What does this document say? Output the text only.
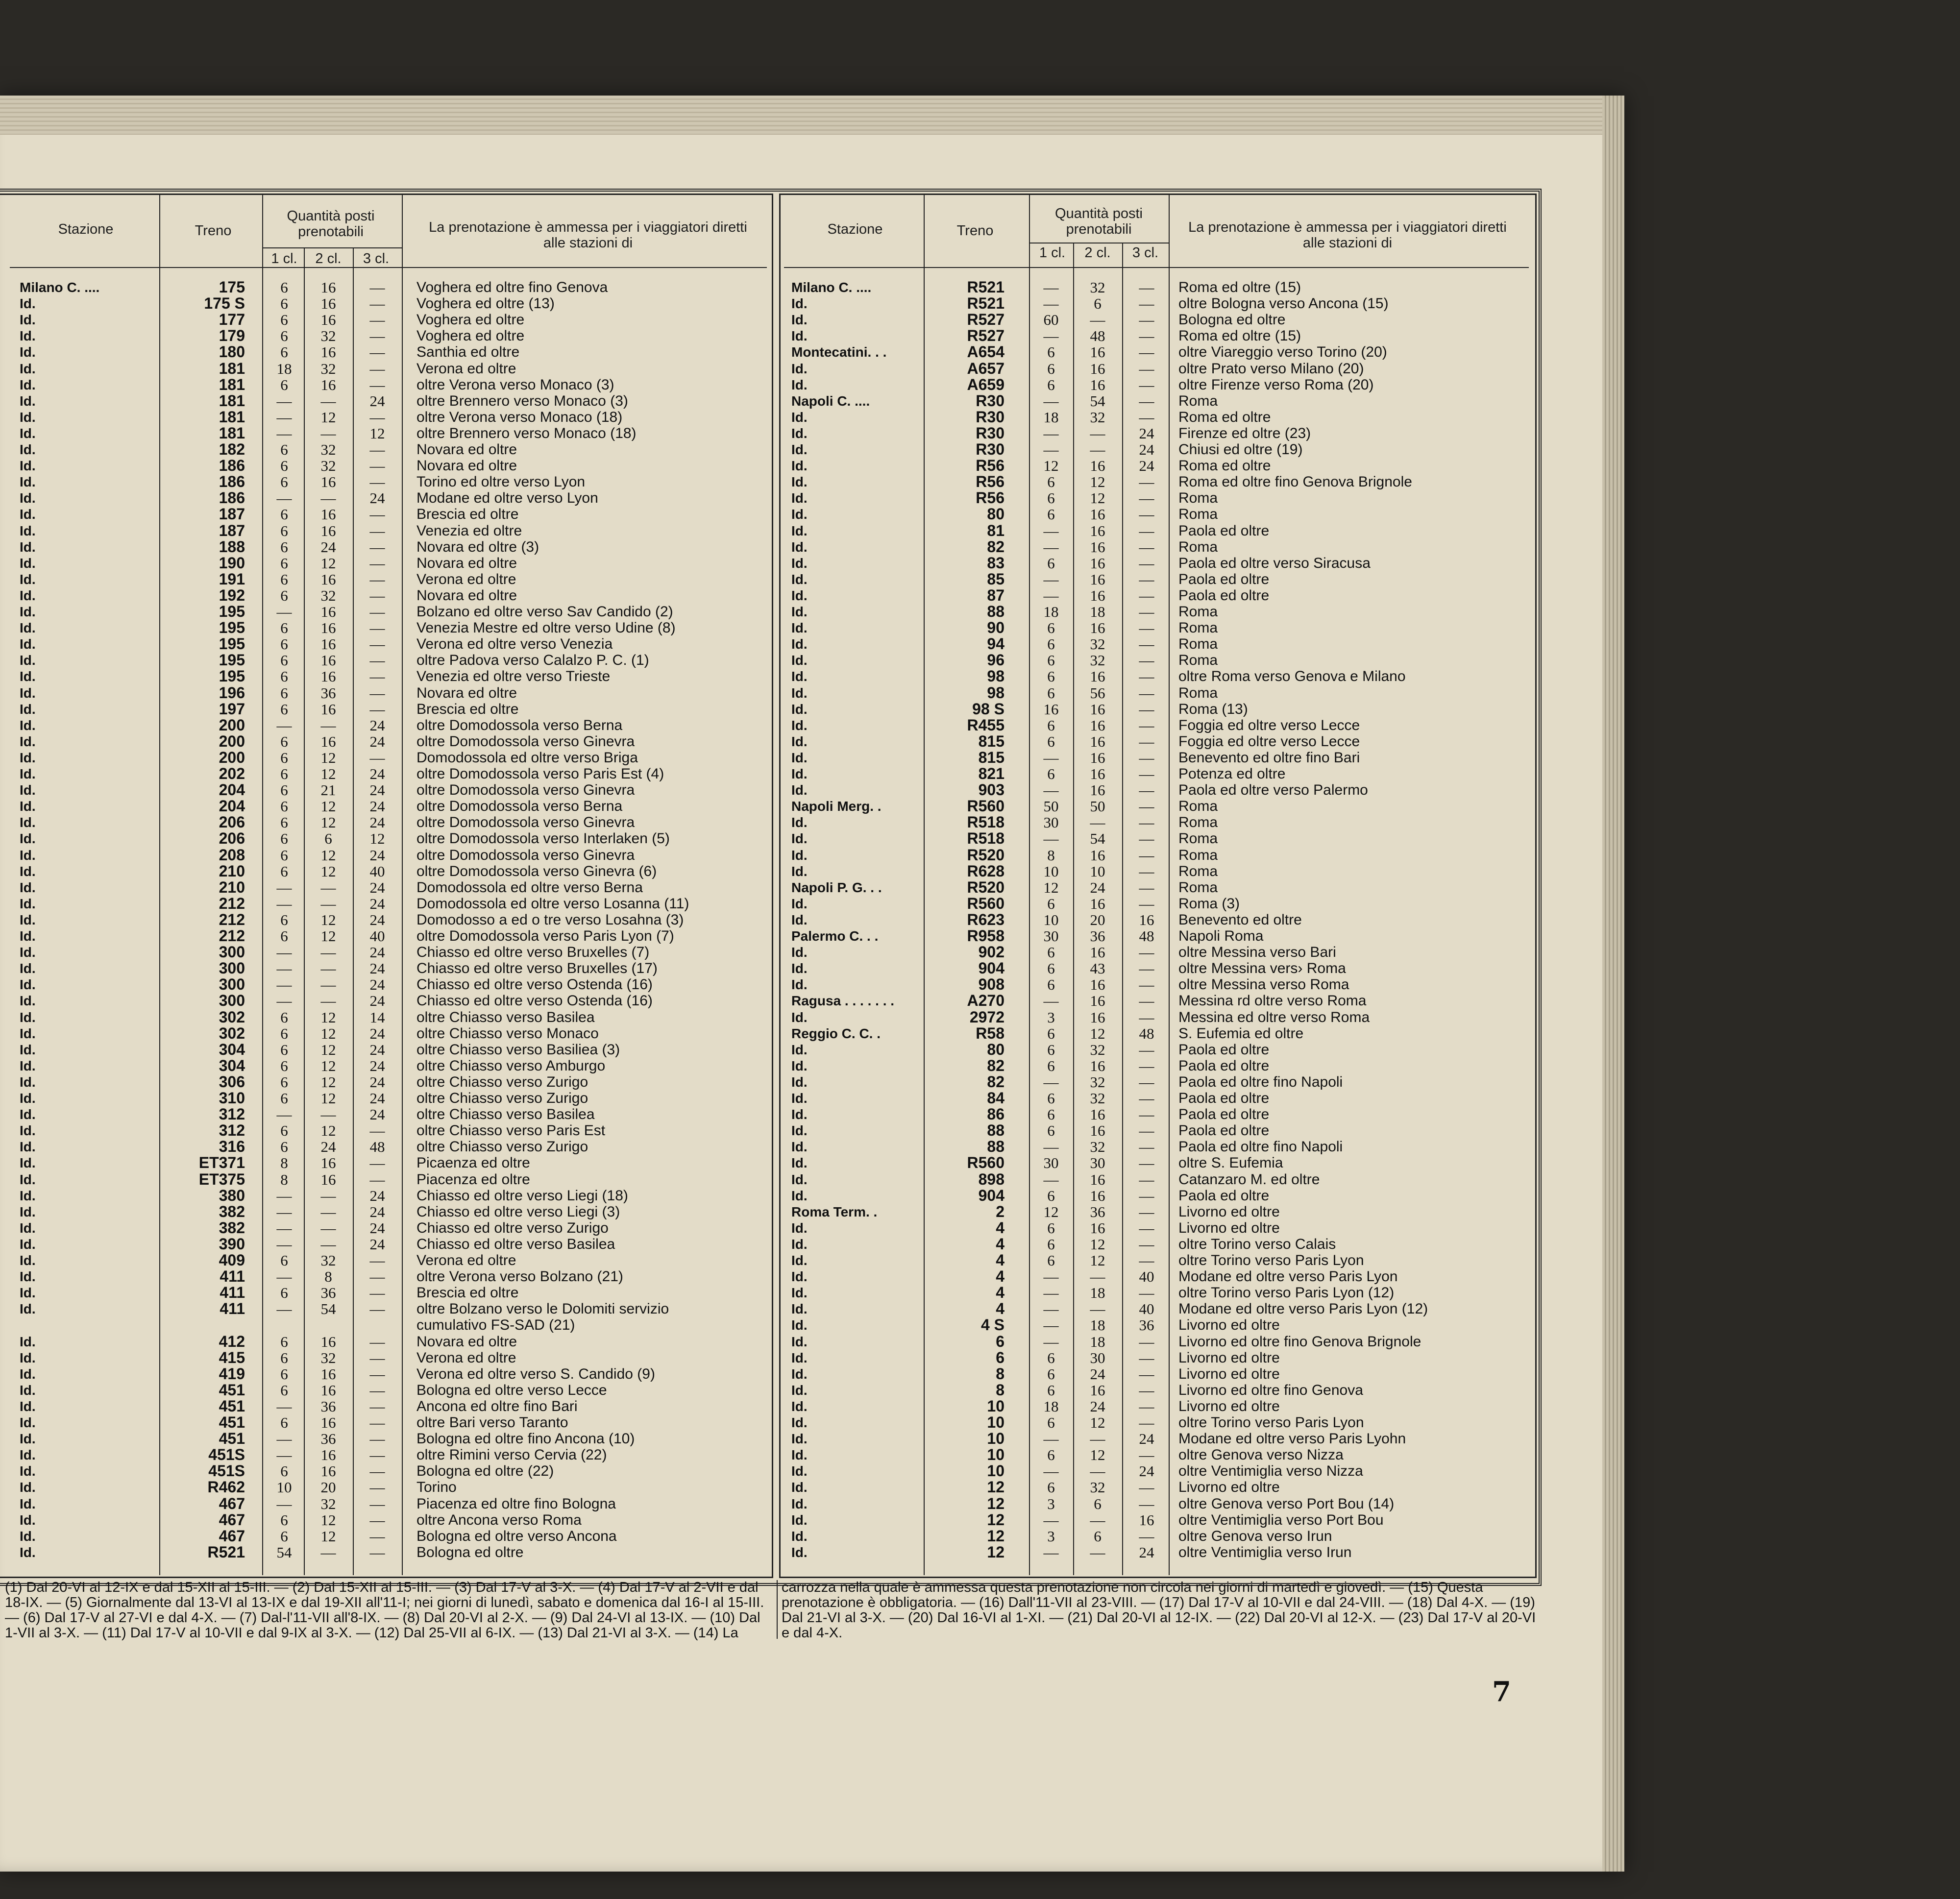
Stazione	Treno
Quantità posti prenotabili
1 cl.	2 cl.	3 cl.
La prenotazione è ammessa per i viaggiatori diretti alle stazioni di
Stazione	Treno
Quantità posti prenotabili
1 cl.	2 cl.	3 cl.
La prenotazione è ammessa per i viaggiatori diretti alle stazioni di
Milano C. ....	175	6	16	—	Voghera ed oltre fino Genova
Id.	175 S	6	16	—	Voghera ed oltre (13)
Id.	177	6	16	—	Voghera ed oltre
Id.	179	6	32	—	Voghera ed oltre
Id.	180	6	16	—	Santhia ed oltre
Id.	181	18	32	—	Verona ed oltre
Id.	181	6	16	—	oltre Verona verso Monaco (3)
Id.	181	—	—	24	oltre Brennero verso Monaco (3)
Id.	181	—	12	—	oltre Verona verso Monaco (18)
Id.	181	—	—	12	oltre Brennero verso Monaco (18)
Id.	182	6	32	—	Novara ed oltre
Id.	186	6	32	—	Novara ed oltre
Id.	186	6	16	—	Torino ed oltre verso Lyon
Id.	186	—	—	24	Modane ed oltre verso Lyon
Id.	187	6	16	—	Brescia ed oltre
Id.	187	6	16	—	Venezia ed oltre
Id.	188	6	24	—	Novara ed oltre (3)
Id.	190	6	12	—	Novara ed oltre
Id.	191	6	16	—	Verona ed oltre
Id.	192	6	32	—	Novara ed oltre
Id.	195	—	16	—	Bolzano ed oltre verso Sav Candido (2)
Id.	195	6	16	—	Venezia Mestre ed oltre verso Udine (8)
Id.	195	6	16	—	Verona ed oltre verso Venezia
Id.	195	6	16	—	oltre Padova verso Calalzo P. C. (1)
Id.	195	6	16	—	Venezia ed oltre verso Trieste
Id.	196	6	36	—	Novara ed oltre
Id.	197	6	16	—	Brescia ed oltre
Id.	200	—	—	24	oltre Domodossola verso Berna
Id.	200	6	16	24	oltre Domodossola verso Ginevra
Id.	200	6	12	—	Domodossola ed oltre verso Briga
Id.	202	6	12	24	oltre Domodossola verso Paris Est (4)
Id.	204	6	21	24	oltre Domodossola verso Ginevra
Id.	204	6	12	24	oltre Domodossola verso Berna
Id.	206	6	12	24	oltre Domodossola verso Ginevra
Id.	206	6	6	12	oltre Domodossola verso Interlaken (5)
Id.	208	6	12	24	oltre Domodossola verso Ginevra
Id.	210	6	12	40	oltre Domodossola verso Ginevra (6)
Id.	210	—	—	24	Domodossola ed oltre verso Berna
Id.	212	—	—	24	Domodossola ed oltre verso Losanna (11)
Id.	212	6	12	24	Domodosso a ed o tre verso Losahna (3)
Id.	212	6	12	40	oltre Domodossola verso Paris Lyon (7)
Id.	300	—	—	24	Chiasso ed oltre verso Bruxelles (7)
Id.	300	—	—	24	Chiasso ed oltre verso Bruxelles (17)
Id.	300	—	—	24	Chiasso ed oltre verso Ostenda (16)
Id.	300	—	—	24	Chiasso ed oltre verso Ostenda (16)
Id.	302	6	12	14	oltre Chiasso verso Basilea
Id.	302	6	12	24	oltre Chiasso verso Monaco
Id.	304	6	12	24	oltre Chiasso verso Basiliea (3)
Id.	304	6	12	24	oltre Chiasso verso Amburgo
Id.	306	6	12	24	oltre Chiasso verso Zurigo
Id.	310	6	12	24	oltre Chiasso verso Zurigo
Id.	312	—	—	24	oltre Chiasso verso Basilea
Id.	312	6	12	—	oltre Chiasso verso Paris Est
Id.	316	6	24	48	oltre Chiasso verso Zurigo
Id.	ET371	8	16	—	Picaenza ed oltre
Id.	ET375	8	16	—	Piacenza ed oltre
Id.	380	—	—	24	Chiasso ed oltre verso Liegi (18)
Id.	382	—	—	24	Chiasso ed oltre verso Liegi (3)
Id.	382	—	—	24	Chiasso ed oltre verso Zurigo
Id.	390	—	—	24	Chiasso ed oltre verso Basilea
Id.	409	6	32	—	Verona ed oltre
Id.	411	—	8	—	oltre Verona verso Bolzano (21)
Id.	411	6	36	—	Brescia ed oltre
Id.	411	—	54	—	oltre Bolzano verso le Dolomiti servizio
cumulativo FS-SAD (21)
Id.	412	6	16	—	Novara ed oltre
Id.	415	6	32	—	Verona ed oltre
Id.	419	6	16	—	Verona ed oltre verso S. Candido (9)
Id.	451	6	16	—	Bologna ed oltre verso Lecce
Id.	451	—	36	—	Ancona ed oltre fino Bari
Id.	451	6	16	—	oltre Bari verso Taranto
Id.	451	—	36	—	Bologna ed oltre fino Ancona (10)
Id.	451S	—	16	—	oltre Rimini verso Cervia (22)
Id.	451S	6	16	—	Bologna ed oltre (22)
Id.	R462	10	20	—	Torino
Id.	467	—	32	—	Piacenza ed oltre fino Bologna
Id.	467	6	12	—	oltre Ancona verso Roma
Id.	467	6	12	—	Bologna ed oltre verso Ancona
Id.	R521	54	—	—	Bologna ed oltre
Milano C. ....	R521	—	32	—	Roma ed oltre (15)
Id.	R521	—	6	—	oltre Bologna verso Ancona (15)
Id.	R527	60	—	—	Bologna ed oltre
Id.	R527	—	48	—	Roma ed oltre (15)
Montecatini. . .	A654	6	16	—	oltre Viareggio verso Torino (20)
Id.	A657	6	16	—	oltre Prato verso Milano (20)
Id.	A659	6	16	—	oltre Firenze verso Roma (20)
Napoli C. ....	R30	—	54	—	Roma
Id.	R30	18	32	—	Roma ed oltre
Id.	R30	—	—	24	Firenze ed oltre (23)
Id.	R30	—	—	24	Chiusi ed oltre (19)
Id.	R56	12	16	24	Roma ed oltre
Id.	R56	6	12	—	Roma ed oltre fino Genova Brignole
Id.	R56	6	12	—	Roma
Id.	80	6	16	—	Roma
Id.	81	—	16	—	Paola ed oltre
Id.	82	—	16	—	Roma
Id.	83	6	16	—	Paola ed oltre verso Siracusa
Id.	85	—	16	—	Paola ed oltre
Id.	87	—	16	—	Paola ed oltre
Id.	88	18	18	—	Roma
Id.	90	6	16	—	Roma
Id.	94	6	32	—	Roma
Id.	96	6	32	—	Roma
Id.	98	6	16	—	oltre Roma verso Genova e Milano
Id.	98	6	56	—	Roma
Id.	98 S	16	16	—	Roma (13)
Id.	R455	6	16	—	Foggia ed oltre verso Lecce
Id.	815	6	16	—	Foggia ed oltre verso Lecce
Id.	815	—	16	—	Benevento ed oltre fino Bari
Id.	821	6	16	—	Potenza ed oltre
Id.	903	—	16	—	Paola ed oltre verso Palermo
Napoli Merg. .	R560	50	50	—	Roma
Id.	R518	30	—	—	Roma
Id.	R518	—	54	—	Roma
Id.	R520	8	16	—	Roma
Id.	R628	10	10	—	Roma
Napoli P. G. . .	R520	12	24	—	Roma
Id.	R560	6	16	—	Roma (3)
Id.	R623	10	20	16	Benevento ed oltre
Palermo C. . .	R958	30	36	48	Napoli Roma
Id.	902	6	16	—	oltre Messina verso Bari
Id.	904	6	43	—	oltre Messina vers› Roma
Id.	908	6	16	—	oltre Messina verso Roma
Ragusa . . . . . . .	A270	—	16	—	Messina rd oltre verso Roma
Id.	2972	3	16	—	Messina ed oltre verso Roma
Reggio C. C. .	R58	6	12	48	S. Eufemia ed oltre
Id.	80	6	32	—	Paola ed oltre
Id.	82	6	16	—	Paola ed oltre
Id.	82	—	32	—	Paola ed oltre fino Napoli
Id.	84	6	32	—	Paola ed oltre
Id.	86	6	16	—	Paola ed oltre
Id.	88	6	16	—	Paola ed oltre
Id.	88	—	32	—	Paola ed oltre fino Napoli
Id.	R560	30	30	—	oltre S. Eufemia
Id.	898	—	16	—	Catanzaro M. ed oltre
Id.	904	6	16	—	Paola ed oltre
Roma Term. .	2	12	36	—	Livorno ed oltre
Id.	4	6	16	—	Livorno ed oltre
Id.	4	6	12	—	oltre Torino verso Calais
Id.	4	6	12	—	oltre Torino verso Paris Lyon
Id.	4	—	—	40	Modane ed oltre verso Paris Lyon
Id.	4	—	18	—	oltre Torino verso Paris Lyon (12)
Id.	4	—	—	40	Modane ed oltre verso Paris Lyon (12)
Id.	4 S	—	18	36	Livorno ed oltre
Id.	6	—	18	—	Livorno ed oltre fino Genova Brignole
Id.	6	6	30	—	Livorno ed oltre
Id.	8	6	24	—	Livorno ed oltre
Id.	8	6	16	—	Livorno ed oltre fino Genova
Id.	10	18	24	—	Livorno ed oltre
Id.	10	6	12	—	oltre Torino verso Paris Lyon
Id.	10	—	—	24	Modane ed oltre verso Paris Lyohn
Id.	10	6	12	—	oltre Genova verso Nizza
Id.	10	—	—	24	oltre Ventimiglia verso Nizza
Id.	12	6	32	—	Livorno ed oltre
Id.	12	3	6	—	oltre Genova verso Port Bou (14)
Id.	12	—	—	16	oltre Ventimiglia verso Port Bou
Id.	12	3	6	—	oltre Genova verso Irun
Id.	12	—	—	24	oltre Ventimiglia verso Irun
(1) Dal 20-VI al 12-IX e dal 15-XII al 15-III. — (2) Dal 15-XII al 15-III. — (3) Dal 17-V al 3-X. — (4) Dal 17-V al 2-VII e dal 18-IX. — (5) Giornalmente dal 13-VI al 13-IX e dal 19-XII all'11-I; nei giorni di lunedì, sabato e domenica dal 16-I al 15-III. — (6) Dal 17-V al 27-VI e dal 4-X. — (7) Dal-l'11-VII all'8-IX. — (8) Dal 20-VI al 2-X. — (9) Dal 24-VI al 13-IX. — (10) Dal 1-VII al 3-X. — (11) Dal 17-V al 10-VII e dal 9-IX al 3-X. — (12) Dal 25-VII al 6-IX. — (13) Dal 21-VI al 3-X. — (14) La
carrozza nella quale è ammessa questa prenotazione non circola nei giorni di martedì e giovedì. — (15) Questa prenotazione è obbligatoria. — (16) Dall'11-VII al 23-VIII. — (17) Dal 17-V al 10-VII e dal 24-VIII. — (18) Dal 4-X. — (19) Dal 21-VI al 3-X. — (20) Dal 16-VI al 1-XI. — (21) Dal 20-VI al 12-IX. — (22) Dal 20-VI al 12-X. — (23) Dal 17-V al 20-VI e dal 4-X.
7
